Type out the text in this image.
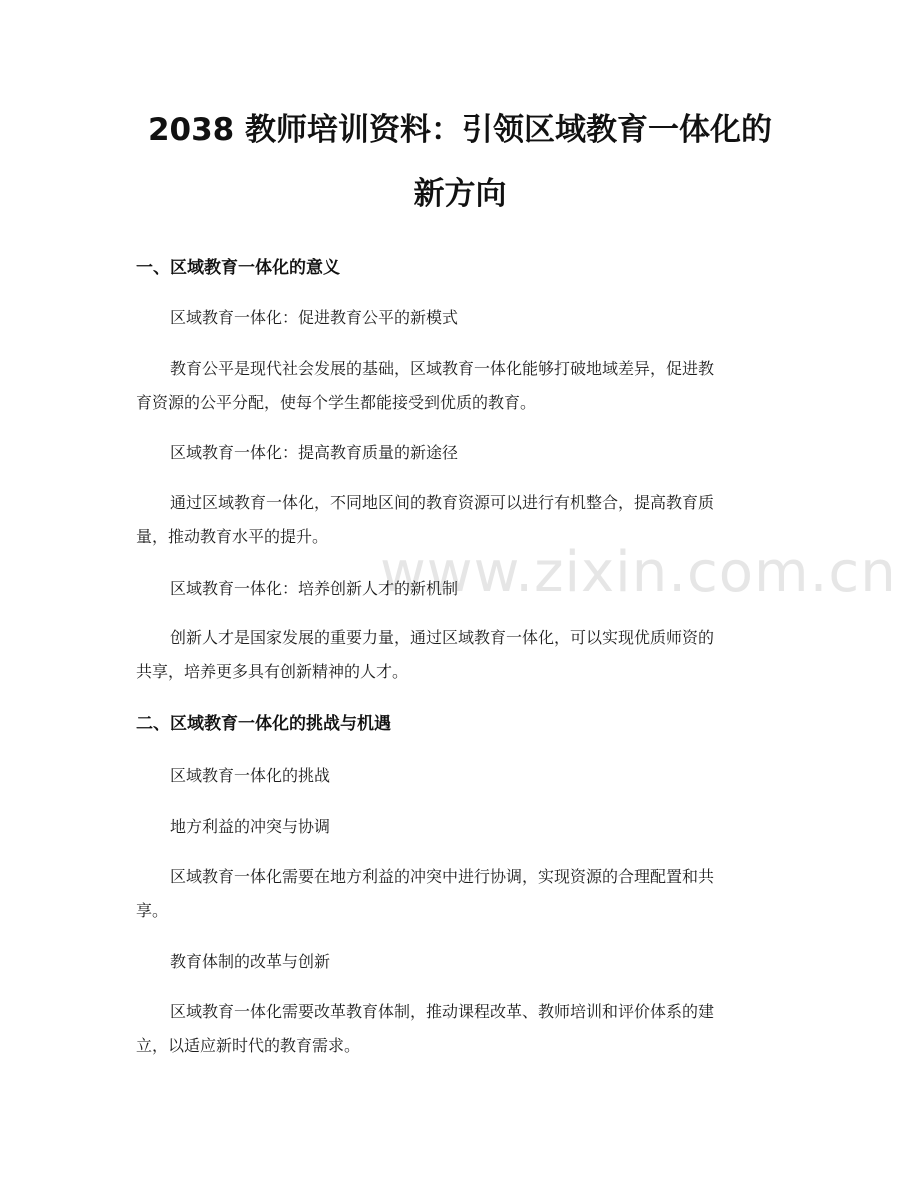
www.zixin.com.cn
2038 教师培训资料：引领区域教育一体化的
新方向
一、区域教育一体化的意义
区域教育一体化：促进教育公平的新模式
教育公平是现代社会发展的基础，区域教育一体化能够打破地域差异，促进教
育资源的公平分配，使每个学生都能接受到优质的教育。
区域教育一体化：提高教育质量的新途径
通过区域教育一体化，不同地区间的教育资源可以进行有机整合，提高教育质
量，推动教育水平的提升。
区域教育一体化：培养创新人才的新机制
创新人才是国家发展的重要力量，通过区域教育一体化，可以实现优质师资的
共享，培养更多具有创新精神的人才。
二、区域教育一体化的挑战与机遇
区域教育一体化的挑战
地方利益的冲突与协调
区域教育一体化需要在地方利益的冲突中进行协调，实现资源的合理配置和共
享。
教育体制的改革与创新
区域教育一体化需要改革教育体制，推动课程改革、教师培训和评价体系的建
立，以适应新时代的教育需求。
